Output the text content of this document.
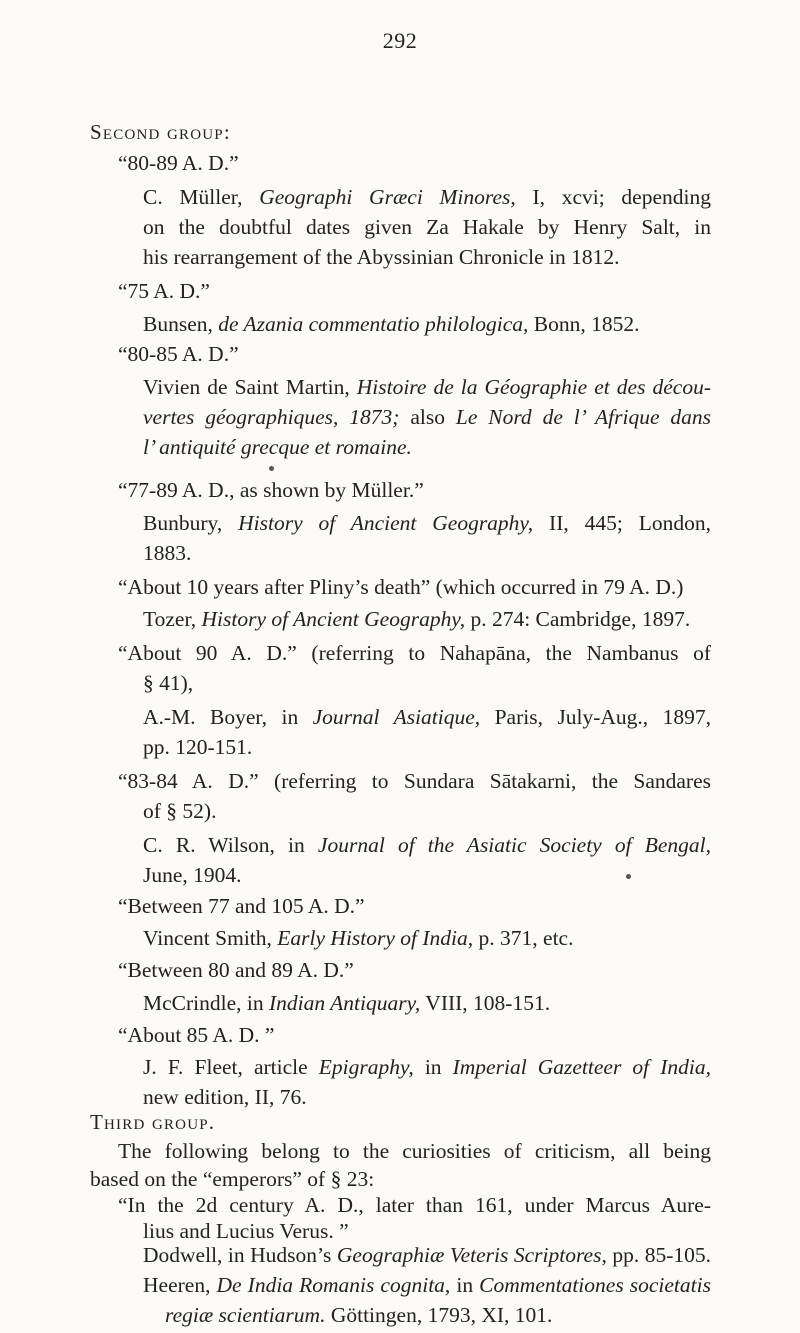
292
Second group:
“80-89 A. D.”
C. Müller, Geographi Græci Minores, I, xcvi; depending
on the doubtful dates given Za Hakale by Henry Salt, in
his rearrangement of the Abyssinian Chronicle in 1812.
“75 A. D.”
Bunsen, de Azania commentatio philologica, Bonn, 1852.
“80-85 A. D.”
Vivien de Saint Martin, Histoire de la Géographie et des décou-
vertes géographiques, 1873; also Le Nord de l’ Afrique dans
l’ antiquité grecque et romaine.
“77-89 A. D., as shown by Müller.”
Bunbury, History of Ancient Geography, II, 445; London,
1883.
“About 10 years after Pliny’s death” (which occurred in 79 A. D.)
Tozer, History of Ancient Geography, p. 274: Cambridge, 1897.
“About 90 A. D.” (referring to Nahapāna, the Nambanus of
§ 41),
A.-M. Boyer, in Journal Asiatique, Paris, July-Aug., 1897,
pp. 120-151.
“83-84 A. D.” (referring to Sundara Sātakarni, the Sandares
of § 52).
C. R. Wilson, in Journal of the Asiatic Society of Bengal,
June, 1904.
“Between 77 and 105 A. D.”
Vincent Smith, Early History of India, p. 371, etc.
“Between 80 and 89 A. D.”
McCrindle, in Indian Antiquary, VIII, 108-151.
“About 85 A. D. ”
J. F. Fleet, article Epigraphy, in Imperial Gazetteer of India,
new edition, II, 76.
Third group.
The following belong to the curiosities of criticism, all being
based on the “emperors” of § 23:
“In the 2d century A. D., later than 161, under Marcus Aure-
lius and Lucius Verus. ”
Dodwell, in Hudson’s Geographiæ Veteris Scriptores, pp. 85-105.
Heeren, De India Romanis cognita, in Commentationes societatis
regiæ scientiarum. Göttingen, 1793, XI, 101.
